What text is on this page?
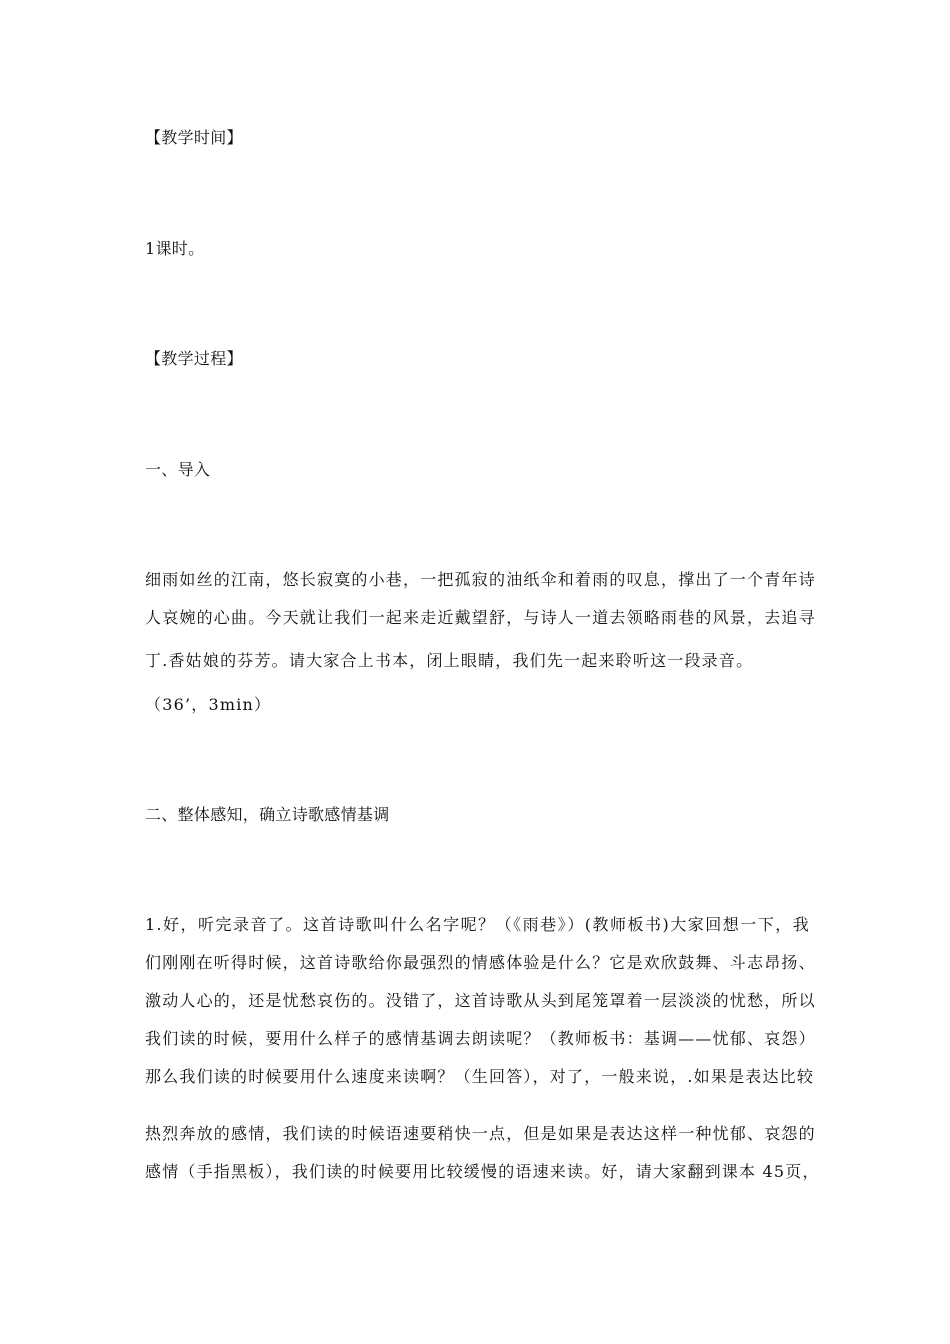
【教学时间】
1课时。
【教学过程】
一、导入
细雨如丝的江南，悠长寂寞的小巷，一把孤寂的油纸伞和着雨的叹息，撑出了一个青年诗
人哀婉的心曲。今天就让我们一起来走近戴望舒，与诗人一道去领略雨巷的风景，去追寻
丁.香姑娘的芬芳。请大家合上书本，闭上眼睛，我们先一起来聆听这一段录音。
（36’，3min）
二、整体感知，确立诗歌感情基调
1.好，听完录音了。这首诗歌叫什么名字呢？（《雨巷》）(教师板书)大家回想一下，我
们刚刚在听得时候，这首诗歌给你最强烈的情感体验是什么？它是欢欣鼓舞、斗志昂扬、
激动人心的，还是忧愁哀伤的。没错了，这首诗歌从头到尾笼罩着一层淡淡的忧愁，所以
我们读的时候，要用什么样子的感情基调去朗读呢？（教师板书：基调——忧郁、哀怨）
那么我们读的时候要用什么速度来读啊？（生回答），对了，一般来说，.如果是表达比较
热烈奔放的感情，我们读的时候语速要稍快一点，但是如果是表达这样一种忧郁、哀怨的
感情（手指黑板），我们读的时候要用比较缓慢的语速来读。好，请大家翻到课本 45页，
